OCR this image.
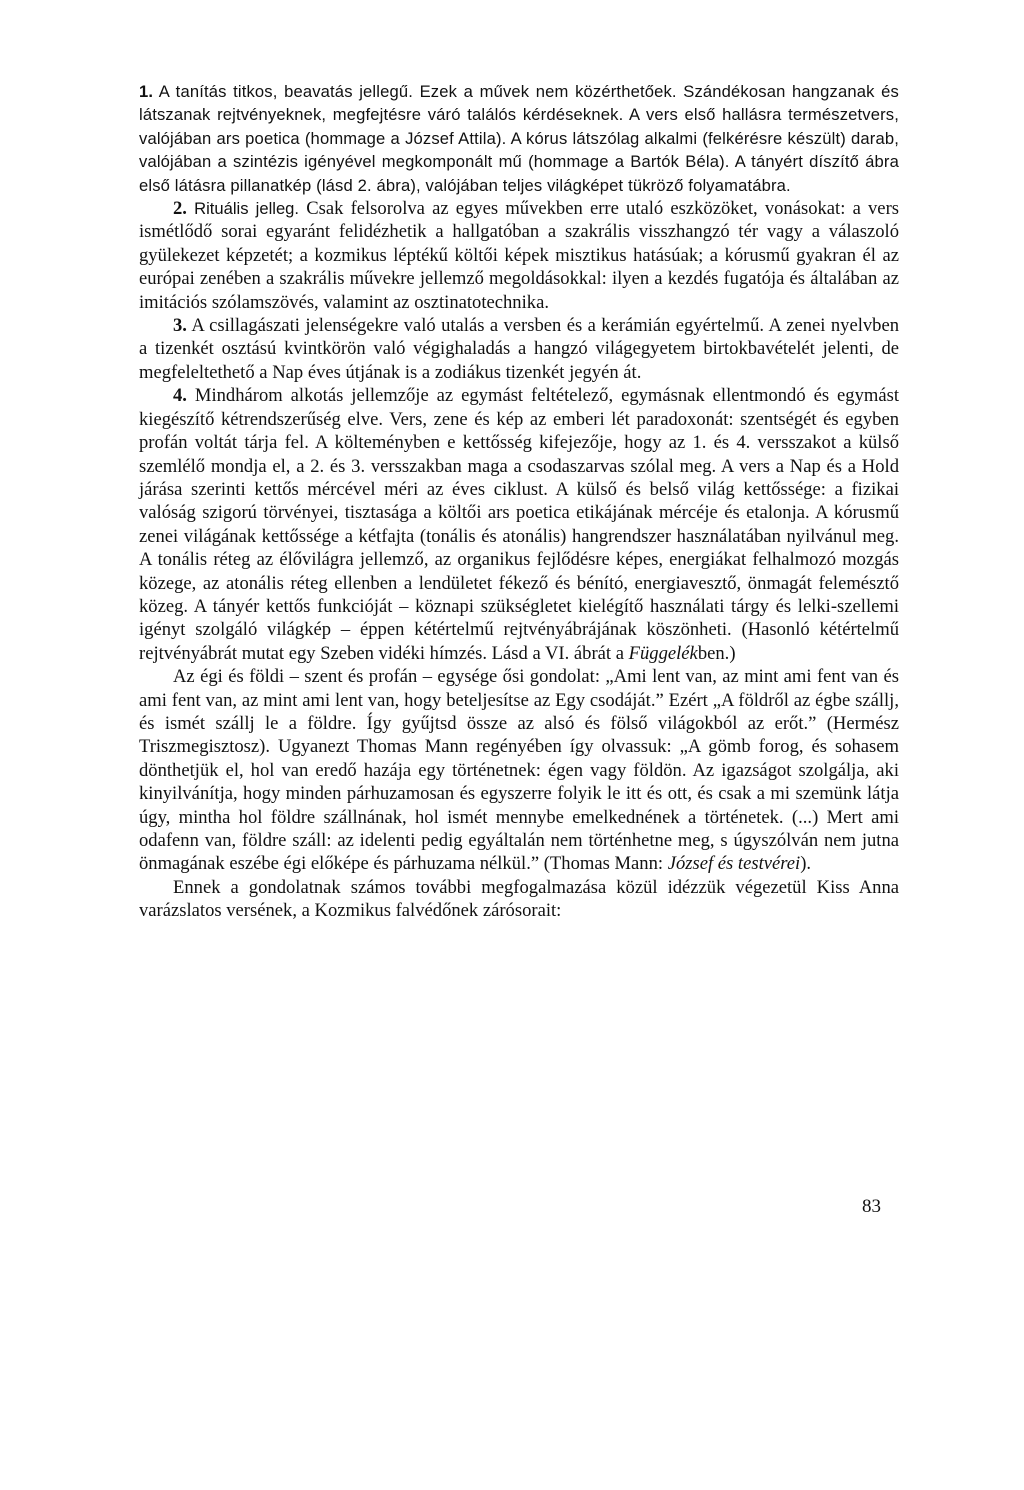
1. A tanítás titkos, beavatás jellegű. Ezek a művek nem közérthetőek. Szándékosan hangzanak és látszanak rejtvényeknek, megfejtésre váró találós kérdéseknek. A vers első hallásra természetvers, valójában ars poetica (hommage a József Attila). A kórus látszólag alkalmi (felkérésre készült) darab, valójában a szintézis igényével megkomponált mű (hommage a Bartók Béla). A tányért díszítő ábra első látásra pillanatkép (lásd 2. ábra), valójában teljes világképet tükröző folyamatábra.

2. Rituális jelleg. Csak felsorolva az egyes művekben erre utaló eszközöket, vonásokat: a vers ismétlődő sorai egyaránt felidézhetik a hallgatóban a szakrális visszhangzó tér vagy a válaszoló gyülekezet képzetét; a kozmikus léptékű költői képek misztikus hatásúak; a kórusmű gyakran él az európai zenében a szakrális művekre jellemző megoldásokkal: ilyen a kezdés fugatója és általában az imitációs szólamszövés, valamint az osztinatotechnika.

3. A csillagászati jelenségekre való utalás a versben és a kerámián egyértelmű. A zenei nyelvben a tizenkét osztású kvintkörön való végighaladás a hangzó világegyetem birtokbavételét jelenti, de megfeleltethető a Nap éves útjának is a zodiákus tizenkét jegyén át.

4. Mindhárom alkotás jellemzője az egymást feltételező, egymásnak ellentmondó és egymást kiegészítő kétrendszerűség elve. Vers, zene és kép az emberi lét paradoxonát: szentségét és egyben profán voltát tárja fel. A költeményben e kettősség kifejezője, hogy az 1. és 4. versszakot a külső szemlélő mondja el, a 2. és 3. versszakban maga a csodaszarvas szólal meg. A vers a Nap és a Hold járása szerinti kettős mércével méri az éves ciklust. A külső és belső világ kettőssége: a fizikai valóság szigorú törvényei, tisztasága a költői ars poetica etikájának mércéje és etalonja. A kórusmű zenei világának kettőssége a kétfajta (tonális és atonális) hangrendszer használatában nyilvánul meg. A tonális réteg az élővilágra jellemző, az organikus fejlődésre képes, energiákat felhalmozó mozgás közege, az atonális réteg ellenben a lendületet fékező és bénító, energiavesztő, önmagát felemésztő közeg. A tányér kettős funkcióját – köznapi szükségletet kielégítő használati tárgy és lelki-szellemi igényt szolgáló világkép – éppen kétértelmű rejtvényábrájának köszönheti. (Hasonló kétértelmű rejtvényábrát mutat egy Szeben vidéki hímzés. Lásd a VI. ábrát a Függelékben.)

Az égi és földi – szent és profán – egysége ősi gondolat: „Ami lent van, az mint ami fent van és ami fent van, az mint ami lent van, hogy beteljesítse az Egy csodáját.” Ezért „A földről az égbe szállj, és ismét szállj le a földre. Így gyűjtsd össze az alsó és fölső világokból az erőt.” (Hermész Triszmegisztosz). Ugyanezt Thomas Mann regényében így olvassuk: „A gömb forog, és sohasem dönthetjük el, hol van eredő hazája egy történetnek: égen vagy földön. Az igazságot szolgálja, aki kinyilvánítja, hogy minden párhuzamosan és egyszerre folyik le itt és ott, és csak a mi szemünk látja úgy, mintha hol földre szállnának, hol ismét mennybe emelkednének a történetek. (...) Mert ami odafenn van, földre száll: az idelenti pedig egyáltalán nem történhetne meg, s úgyszólván nem jutna önmagának eszébe égi előképe és párhuzama nélkül.” (Thomas Mann: József és testvérei).

Ennek a gondolatnak számos további megfogalmazása közül idézzük végezetül Kiss Anna varázslatos versének, a Kozmikus falvédőnek zárósorait:

83
